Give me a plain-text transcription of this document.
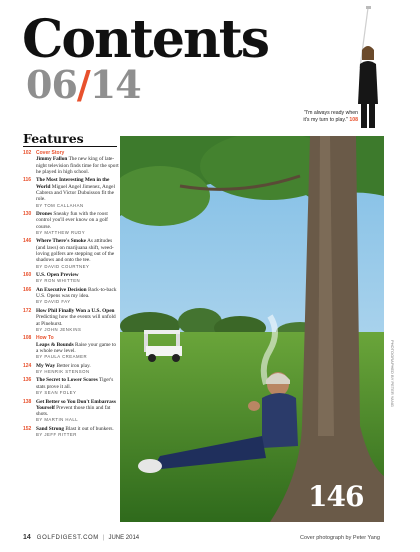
Contents
06/14
"I'm always ready when it's my turn to play." 108
Features
102 Cover Story
Jimmy Fallon The new king of late-night television finds time for the sport he played in high school.
116 The Most Interesting Men in the World Miguel Angel Jimenez, Angel Cabrera and Victor Dubuisson fit the role.
BY TOM CALLAHAN
130 Drones Sneaky fun with the roost control you'll ever know on a golf course.
BY MATTHEW RUDY
146 Where There's Smoke As attitudes (and laws) on marijuana shift, weed-loving golfers are stepping out of the shadows and onto the tee.
BY DAVID COURTNEY
160 U.S. Open Preview
BY RON WHITTEN
166 An Executive Decision Back-to-back U.S. Opens was my idea.
BY DAVID FAY
172 How Phil Finally Won a U.S. Open Predicting how the events will unfold at Pinehurst.
BY JOHN JENKINS
108 How To
Leaps & Bounds Raise your game to a whole new level.
BY PAULA CREAMER
124 My Way Better iron play.
BY HENRIK STENSON
136 The Secret to Lower Scores Tiger's stats prove it all.
BY SEAN FOLEY
138 Get Better so You Don't Embarrass Yourself Prevent those thin and fat shots.
BY MARTIN HALL
152 Sand Strong Blast it out of bunkers.
BY JEFF RITTER
146
PHOTOGRAPHED BY PETER YANG
14 GOLFDIGEST.COM | JUNE 2014	Cover photograph by Peter Yang
